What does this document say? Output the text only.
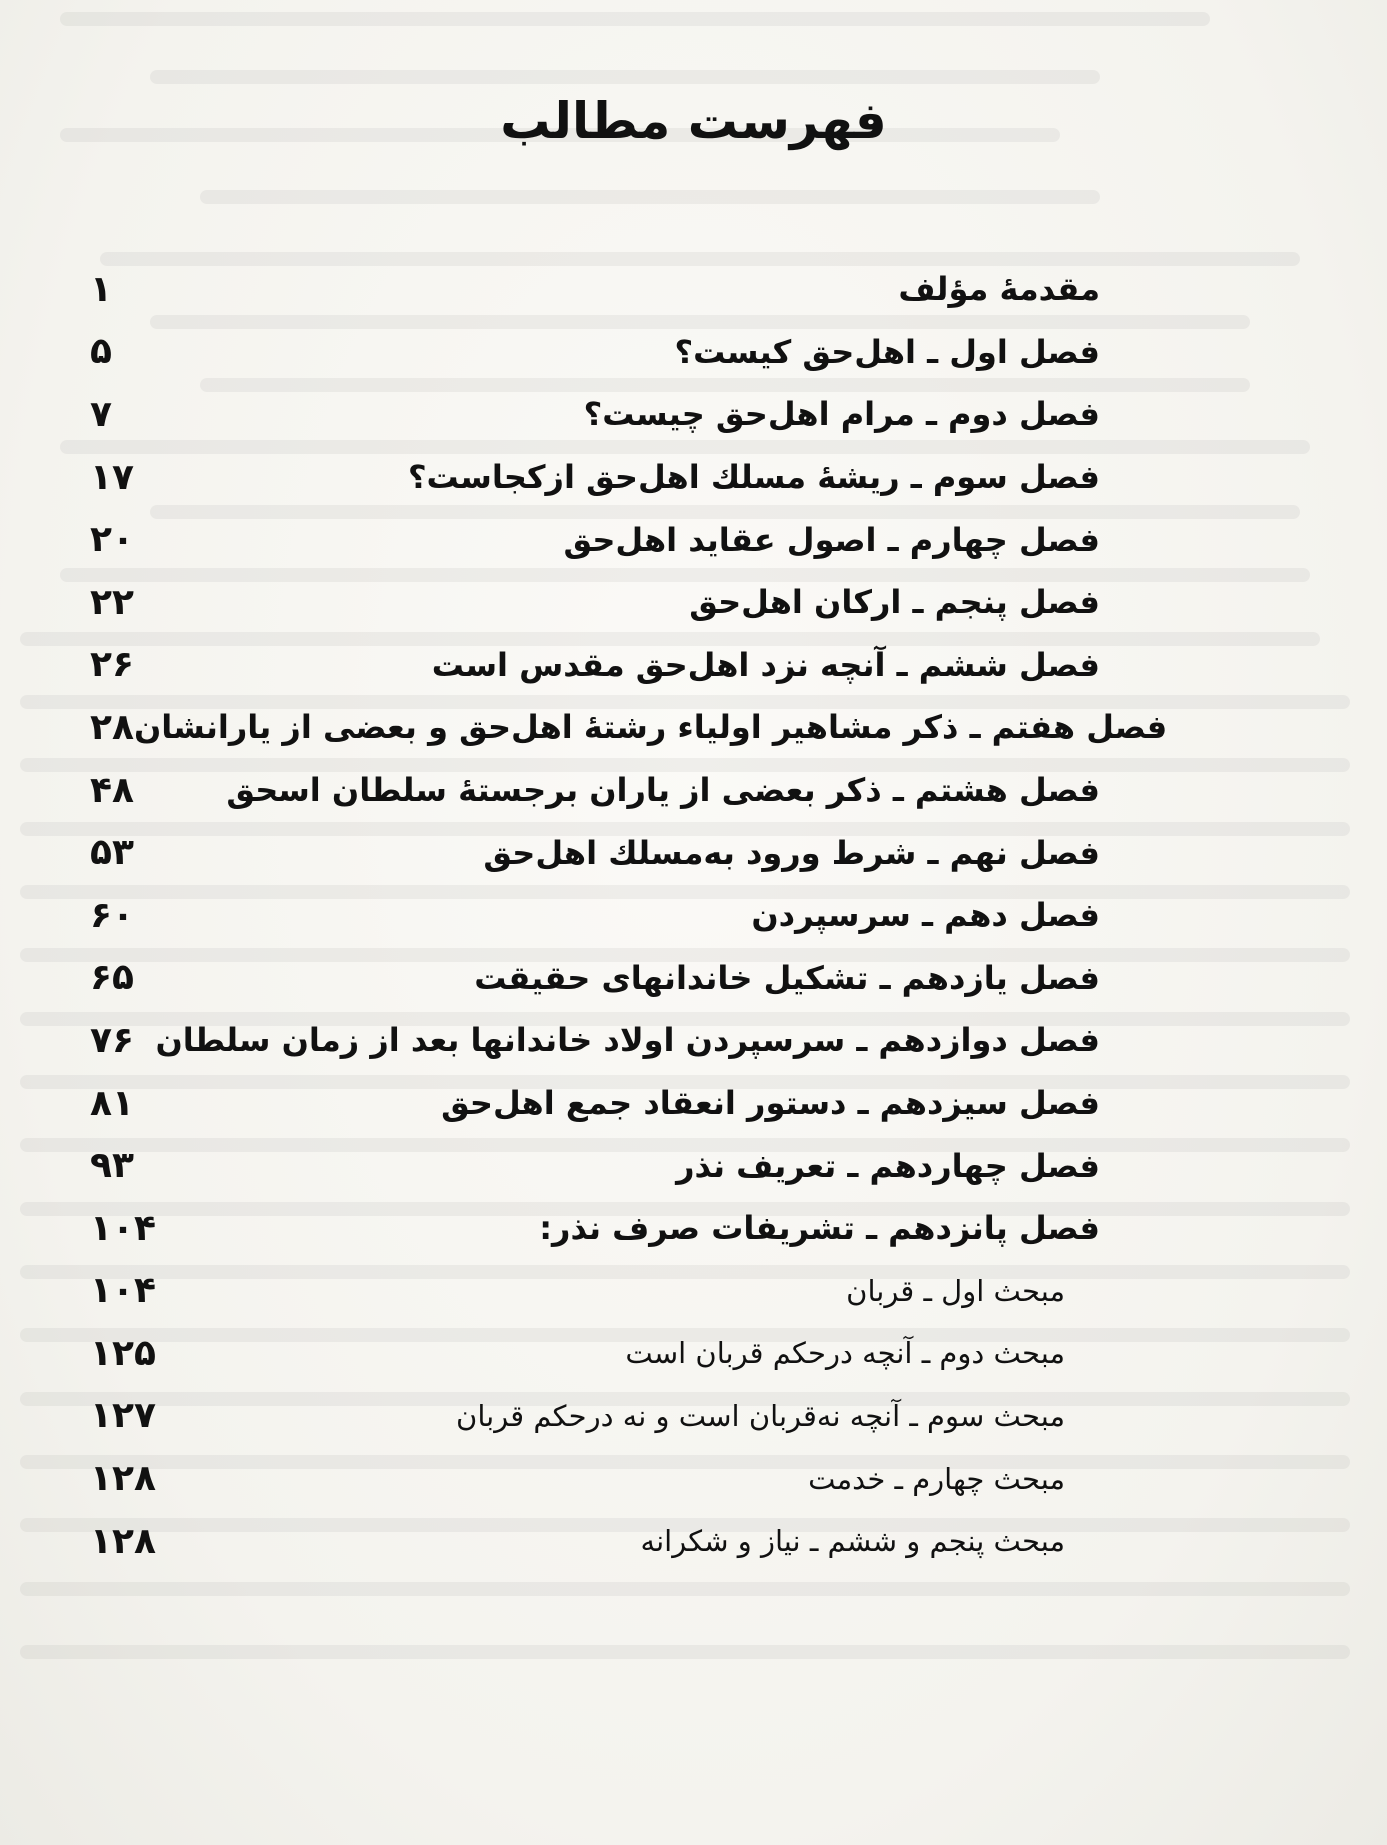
فهرست مطالب
۱	مقدمهٔ مؤلف
۵	فصل اول ـ اهل‌حق کیست؟
۷	فصل دوم ـ مرام اهل‌حق چیست؟
۱۷	فصل سوم ـ ریشهٔ مسلك اهل‌حق ازکجاست؟
۲۰	فصل چهارم ـ اصول عقاید اهل‌حق
۲۲	فصل پنجم ـ ارکان اهل‌حق
۲۶	فصل ششم ـ آنچه نزد اهل‌حق مقدس است
۲۸ فصل هفتم ـ ذکر مشاهیر اولیاء رشتهٔ اهل‌حق و بعضی از یارانشان
۴۸	فصل هشتم ـ ذکر بعضی از یاران برجستهٔ سلطان اسحق
۵۳	فصل نهم ـ شرط ورود به‌مسلك اهل‌حق
۶۰	فصل دهم ـ سرسپردن
۶۵	فصل یازدهم ـ تشکیل خاندانهای حقیقت
۷۶ فصل دوازدهم ـ سرسپردن اولاد خاندانها بعد از زمان سلطان
۸۱	فصل سیزدهم ـ دستور انعقاد جمع اهل‌حق
۹۳	فصل چهاردهم ـ تعریف نذر
۱۰۴	فصل پانزدهم ـ تشریفات صرف نذر:
۱۰۴	مبحث اول ـ قربان
۱۲۵	مبحث دوم ـ آنچه درحکم قربان است
۱۲۷	مبحث سوم ـ آنچه نه‌قربان است و نه درحکم قربان
۱۲۸	مبحث چهارم ـ خدمت
۱۲۸	مبحث پنجم و ششم ـ نیاز و شکرانه
